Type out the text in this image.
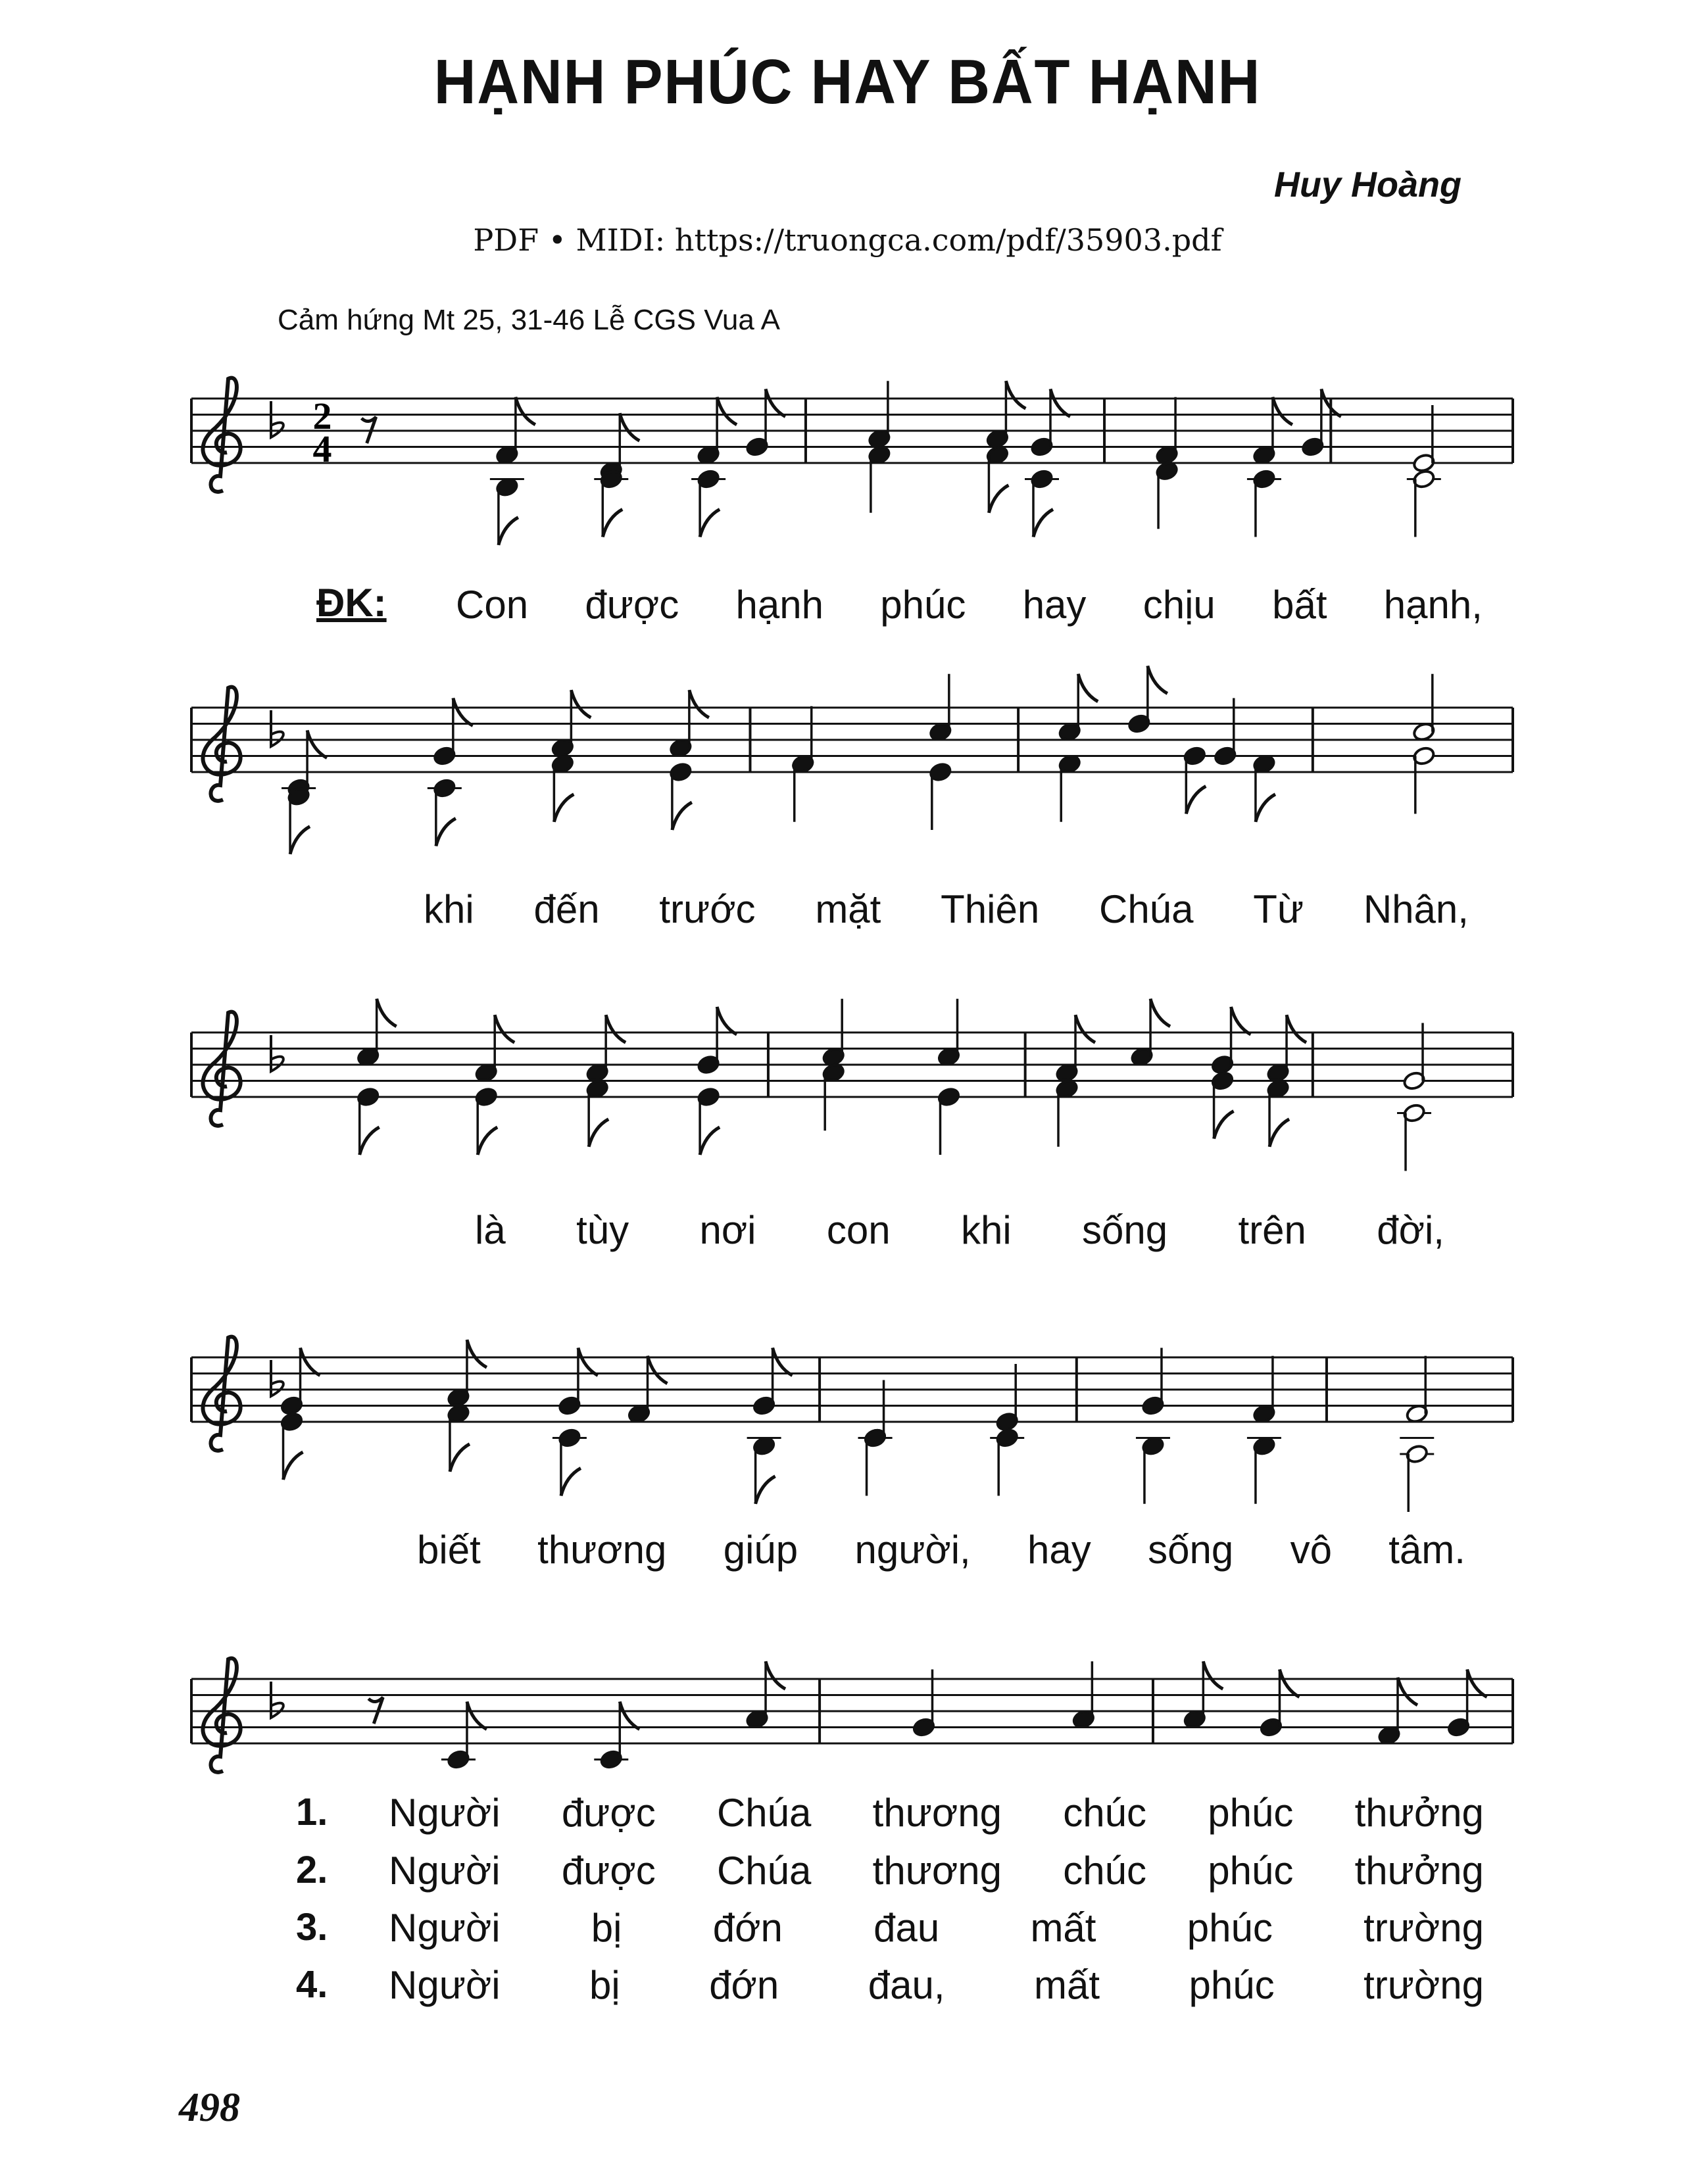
2
4
HẠNH PHÚC HAY BẤT HẠNH
Huy Hoàng
PDF • MIDI: https://truongca.com/pdf/35903.pdf
Cảm hứng Mt 25, 31-46 Lễ CGS Vua A
ĐK: Con được hạnh phúc hay chịu bất hạnh,
khi đến trước mặt Thiên Chúa Từ Nhân,
là tùy nơi con khi sống trên đời,
biết thương giúp người, hay sống vô tâm.
1. Người được Chúa thương chúc phúc thưởng
2. Người được Chúa thương chúc phúc thưởng
3. Người bị đớn đau mất phúc trường
4. Người bị đớn đau, mất phúc trường
498
